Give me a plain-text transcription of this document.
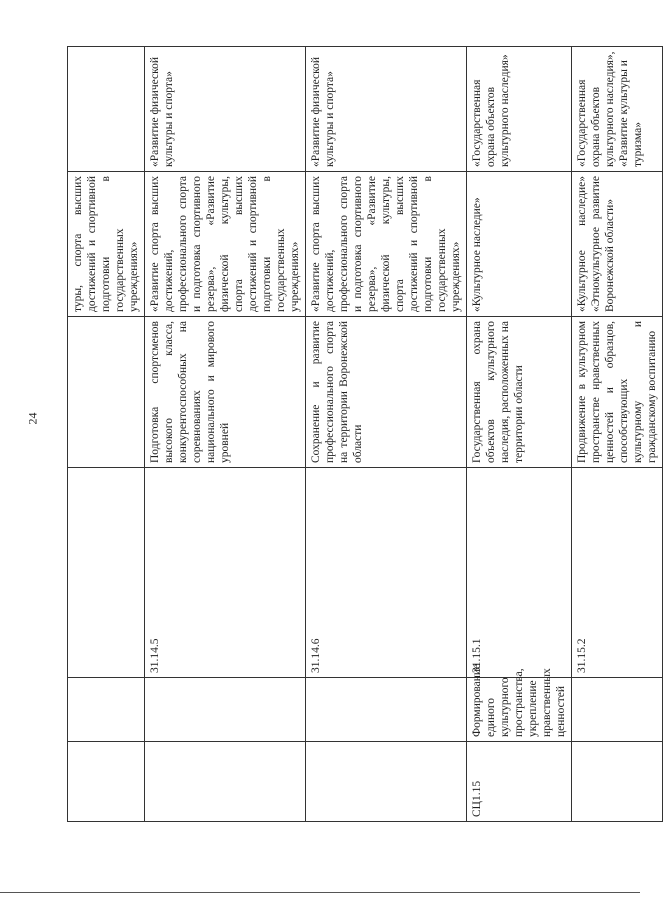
24
				туры, спорта высших достижений и спортивной подготовки в государственных учреждениях»	
		31.14.5	Подготовка спортсменов высокого класса, конкурентоспособных на соревнованиях национального и мирового уровней	«Развитие спорта высших достижений, профессионального спорта и подготовка спортивного резерва», «Развитие физической культуры, спорта высших достижений и спортивной подготовки в государственных учреждениях»	«Развитие физической культуры и спорта»
		31.14.6	Сохранение и развитие профессионального спорта на территории Воронежской области	«Развитие спорта высших достижений, профессионального спорта и подготовка спортивного резерва», «Развитие физической культуры, спорта высших достижений и спортивной подготовки в государственных учреждениях»	«Развитие физической культуры и спорта»
СЦ1.15	Формирование единого культурного пространства, укрепление нравственных ценностей	31.15.1	Государственная охрана объектов культурного наследия, расположенных на территории области	«Культурное наследие»	«Государственная охрана объектов культурного наследия»
		31.15.2	Продвижение в культурном пространстве нравственных ценностей и образцов, способствующих культурному и гражданскому воспитанию	«Культурное наследие» «Этнокультурное развитие Воронежской области»	«Государственная охрана объектов культурного наследия», «Развитие культуры и туризма»
